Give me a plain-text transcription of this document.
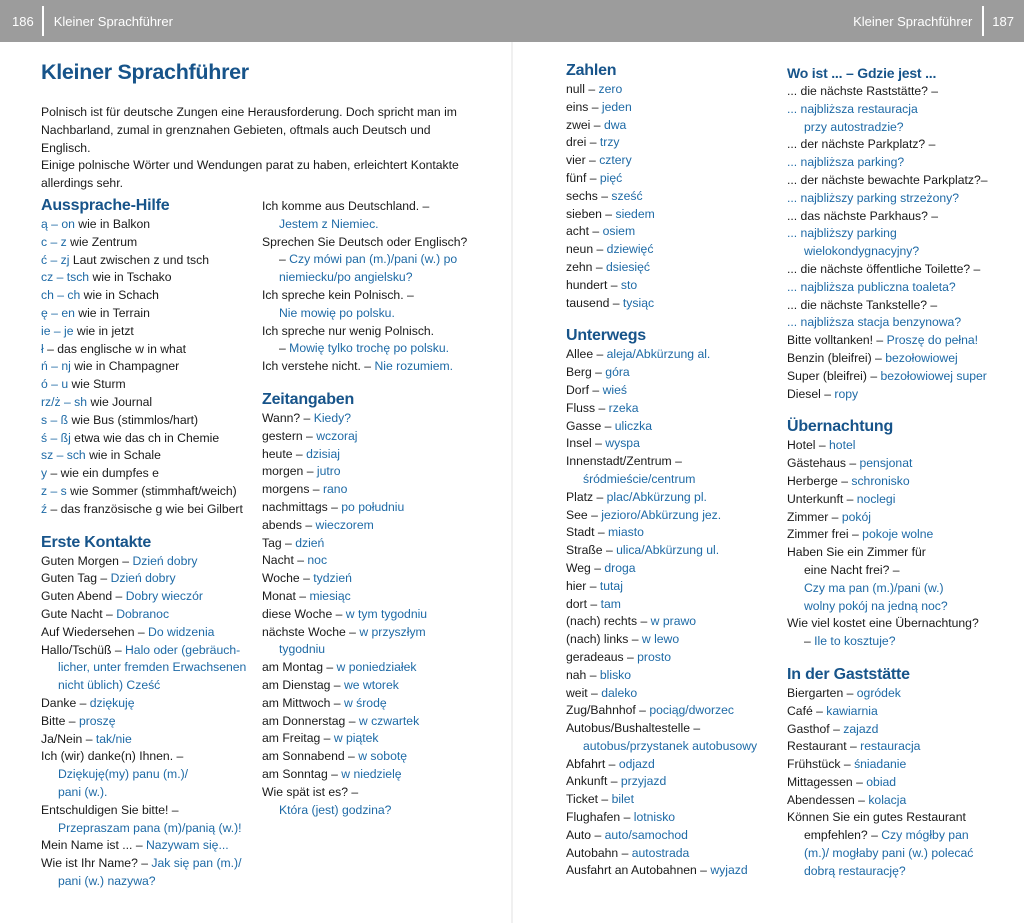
186	Kleiner Sprachführer	Kleiner Sprachführer	187
Kleiner Sprachführer
Polnisch ist für deutsche Zungen eine Herausforderung. Doch spricht man im
Nachbarland, zumal in grenznahen Gebieten, oftmals auch Deutsch und Englisch.
Einige polnische Wörter und Wendungen parat zu haben, erleichtert Kontakte
allerdings sehr.
Aussprache-Hilfe
ą – on wie in Balkon
c – z wie Zentrum
ć – zj Laut zwischen z und tsch
cz – tsch wie in Tschako
ch – ch wie in Schach
ę – en wie in Terrain
ie – je wie in jetzt
ł – das englische w in what
ń – nj wie in Champagner
ó – u wie Sturm
rz/ż – sh wie Journal
s – ß wie Bus (stimmlos/hart)
ś – ßj etwa wie das ch in Chemie
sz – sch wie in Schale
y – wie ein dumpfes e
z – s wie Sommer (stimmhaft/weich)
ź – das französische g wie bei Gilbert
Erste Kontakte
Guten Morgen – Dzień dobry
Guten Tag – Dzień dobry
Guten Abend – Dobry wieczór
Gute Nacht – Dobranoc
Auf Wiedersehen – Do widzenia
Hallo/Tschüß – Halo oder (gebräuch-
licher, unter fremden Erwachsenen
nicht üblich) Cześć
Danke – dziękuję
Bitte – proszę
Ja/Nein – tak/nie
Ich (wir) danke(n) Ihnen. –
Dziękuję(my) panu (m.)/
pani (w.).
Entschuldigen Sie bitte! –
Przepraszam pana (m)/panią (w.)!
Mein Name ist ... – Nazywam się...
Wie ist Ihr Name? – Jak się pan (m.)/
pani (w.) nazywa?
Ich komme aus Deutschland. –
Jestem z Niemiec.
Sprechen Sie Deutsch oder Englisch?
– Czy mówi pan (m.)/pani (w.) po
niemiecku/po angielsku?
Ich spreche kein Polnisch. –
Nie mowię po polsku.
Ich spreche nur wenig Polnisch.
– Mowię tylko trochę po polsku.
Ich verstehe nicht. – Nie rozumiem.
Zeitangaben
Wann? – Kiedy?
gestern – wczoraj
heute – dzisiaj
morgen – jutro
morgens – rano
nachmittags – po południu
abends – wieczorem
Tag – dzień
Nacht – noc
Woche – tydzień
Monat – miesiąc
diese Woche – w tym tygodniu
nächste Woche – w przyszłym
tygodniu
am Montag – w poniedziałek
am Dienstag – we wtorek
am Mittwoch – w środę
am Donnerstag – w czwartek
am Freitag – w piątek
am Sonnabend – w sobotę
am Sonntag – w niedzielę
Wie spät ist es? –
Która (jest) godzina?
Zahlen
null – zero
eins – jeden
zwei – dwa
drei – trzy
vier – cztery
fünf – pięć
sechs – sześć
sieben – siedem
acht – osiem
neun – dziewięć
zehn – dsiesięć
hundert – sto
tausend – tysiąc
Unterwegs
Allee – aleja/Abkürzung al.
Berg – góra
Dorf – wieś
Fluss – rzeka
Gasse – uliczka
Insel – wyspa
Innenstadt/Zentrum –
śródmieście/centrum
Platz – plac/Abkürzung pl.
See – jezioro/Abkürzung jez.
Stadt – miasto
Straße – ulica/Abkürzung ul.
Weg – droga
hier – tutaj
dort – tam
(nach) rechts – w prawo
(nach) links – w lewo
geradeaus – prosto
nah – blisko
weit – daleko
Zug/Bahnhof – pociąg/dworzec
Autobus/Bushaltestelle –
autobus/przystanek autobusowy
Abfahrt – odjazd
Ankunft – przyjazd
Ticket – bilet
Flughafen – lotnisko
Auto – auto/samochod
Autobahn – autostrada
Ausfahrt an Autobahnen – wyjazd
Wo ist ... – Gdzie jest ...
... die nächste Raststätte? –
... najbliższa restauracja
przy autostradzie?
... der nächste Parkplatz? –
... najbliższa parking?
... der nächste bewachte Parkplatz?–
... najbliższy parking strzeżony?
... das nächste Parkhaus? –
... najbliższy parking
wielokondygnacyjny?
... die nächste öffentliche Toilette? –
... najbliższa publiczna toaleta?
... die nächste Tankstelle? –
... najbliższa stacja benzynowa?
Bitte volltanken! – Proszę do pełna!
Benzin (bleifrei) – bezołowiowej
Super (bleifrei) – bezołowiowej super
Diesel – ropy
Übernachtung
Hotel – hotel
Gästehaus – pensjonat
Herberge – schronisko
Unterkunft – noclegi
Zimmer – pokój
Zimmer frei – pokoje wolne
Haben Sie ein Zimmer für
eine Nacht frei? –
Czy ma pan (m.)/pani (w.)
wolny pokój na jedną noc?
Wie viel kostet eine Übernachtung?
– Ile to kosztuje?
In der Gaststätte
Biergarten – ogródek
Café – kawiarnia
Gasthof – zajazd
Restaurant – restauracja
Frühstück – śniadanie
Mittagessen – obiad
Abendessen – kolacja
Können Sie ein gutes Restaurant
empfehlen? – Czy mógłby pan
(m.)/ mogłaby pani (w.) polecać
dobrą restaurację?
